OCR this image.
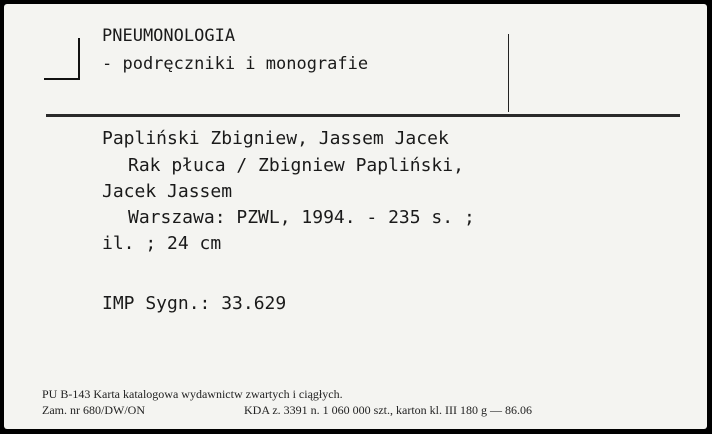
PNEUMONOLOGIA
- podręczniki i monografie
Papliński Zbigniew, Jassem Jacek
Rak płuca / Zbigniew Papliński,
Jacek Jassem
Warszawa: PZWL, 1994. - 235 s. ;
il. ; 24 cm
IMP Sygn.: 33.629
PU B-143 Karta katalogowa wydawnictw zwartych i ciągłych.
Zam. nr 680/DW/ON	KDA z. 3391 n. 1 060 000 szt., karton kl. III 180 g — 86.06
